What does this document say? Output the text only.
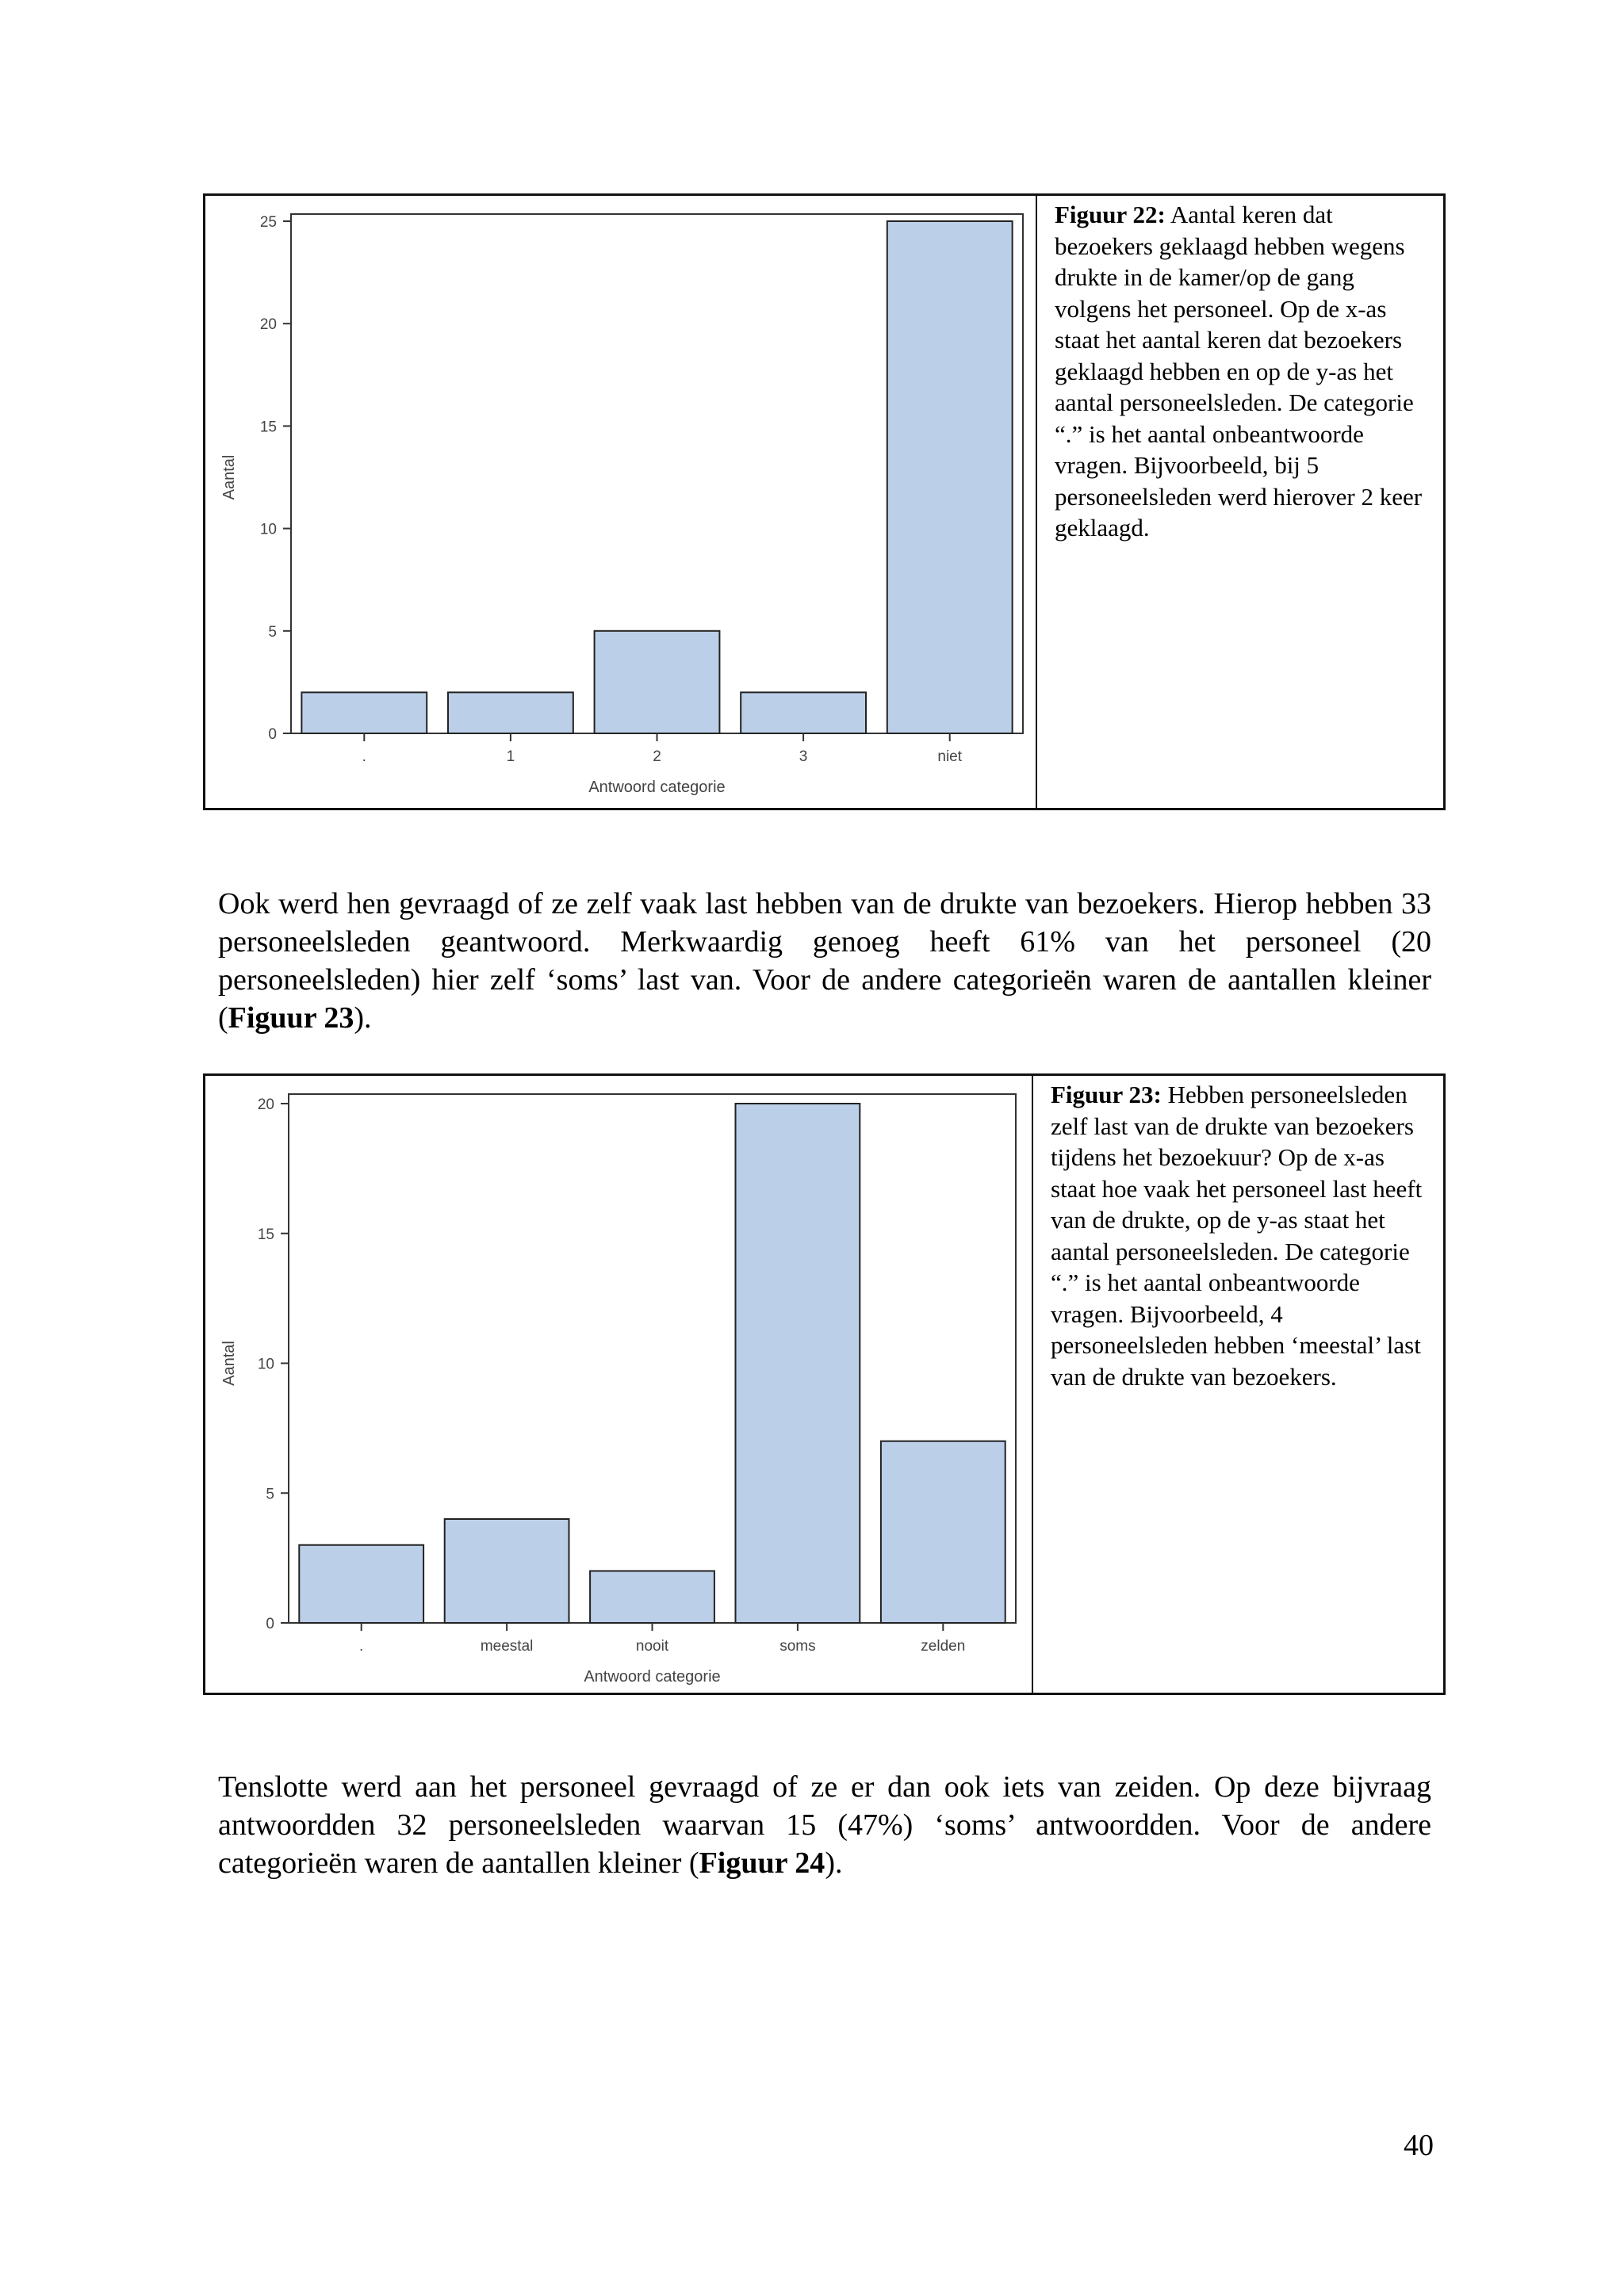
0
5
10
15
20
25
.	1	2	3	niet
Antwoord categorie
Aantal
Figuur 22: Aantal keren dat bezoekers geklaagd hebben wegens drukte in de kamer/op de gang volgens het personeel. Op de x-as staat het aantal keren dat bezoekers geklaagd hebben en op de y-as het aantal personeelsleden. De categorie “.” is het aantal onbeantwoorde vragen. Bijvoorbeeld, bij 5 personeelsleden werd hierover 2 keer geklaagd.

Ook werd hen gevraagd of ze zelf vaak last hebben van de drukte van bezoekers. Hierop hebben 33 personeelsleden geantwoord. Merkwaardig genoeg heeft 61% van het personeel (20 personeelsleden) hier zelf ‘soms’ last van. Voor de andere categorieën waren de aantallen kleiner (Figuur 23).

0
5
10
15
20
.	meestal	nooit	soms	zelden
Antwoord categorie
Aantal
Figuur 23: Hebben personeelsleden zelf last van de drukte van bezoekers tijdens het bezoekuur? Op de x-as staat hoe vaak het personeel last heeft van de drukte, op de y-as staat het aantal personeelsleden. De categorie “.” is het aantal onbeantwoorde vragen. Bijvoorbeeld, 4 personeelsleden hebben ‘meestal’ last van de drukte van bezoekers.

Tenslotte werd aan het personeel gevraagd of ze er dan ook iets van zeiden. Op deze bijvraag antwoordden 32 personeelsleden waarvan 15 (47%) ‘soms’ antwoordden. Voor de andere categorieën waren de aantallen kleiner (Figuur 24).

40
